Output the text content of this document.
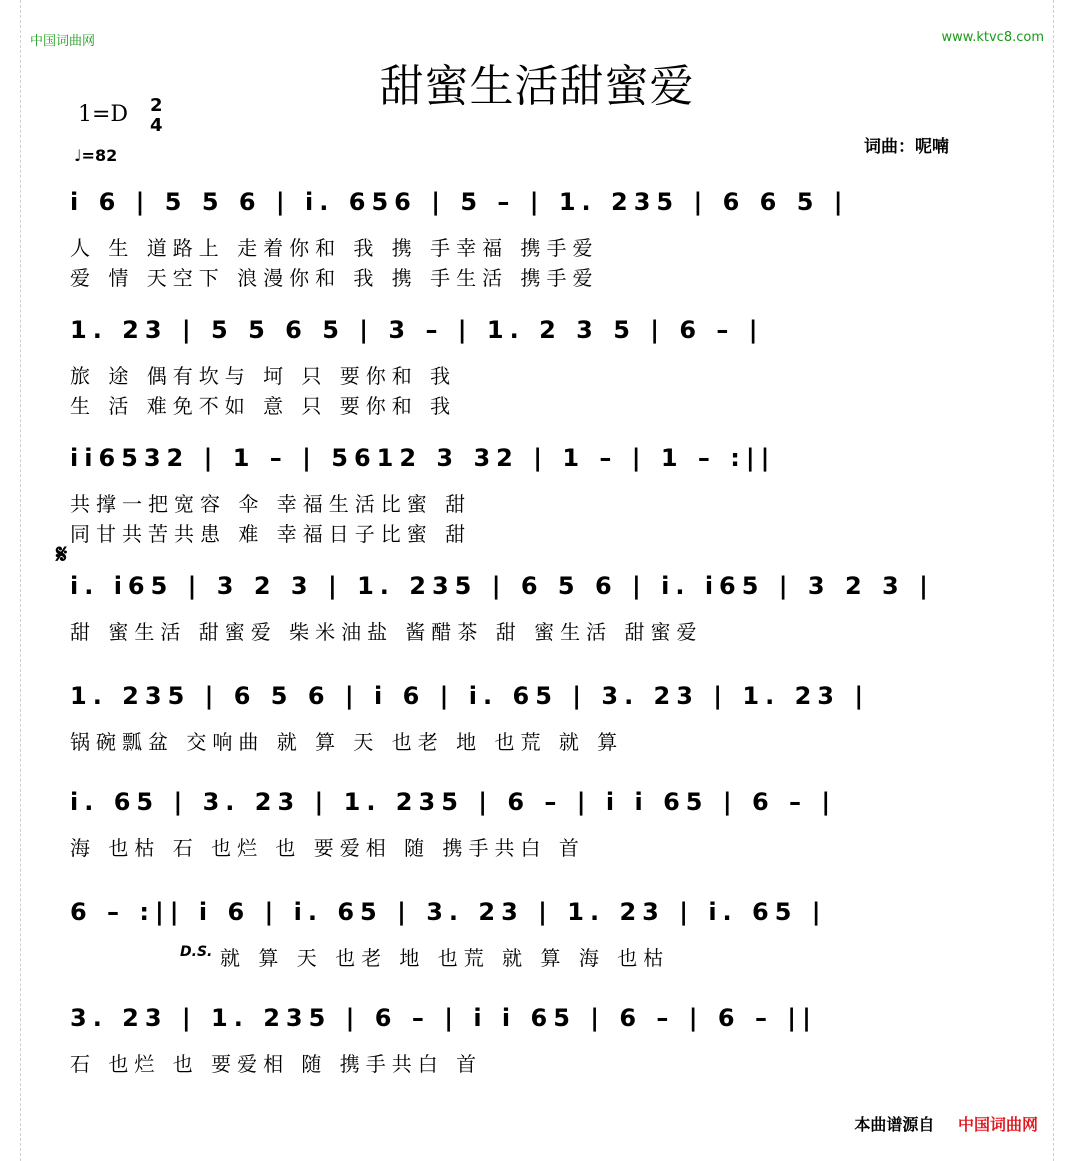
中国词曲网	www.ktvc8.com
甜蜜生活甜蜜爱
1=D 2
4
♩=82	词曲：呢喃
𝄋
i 6 | 5 5 6 | i. 656 | 5 – | 1. 235 | 6 6 5 |
人 生 道路上 走着你和 我 携 手幸福 携手爱
爱 情 天空下 浪漫你和 我 携 手生活 携手爱
1. 23 | 5 5 6 5 | 3 – | 1. 2 3 5 | 6 – |
旅 途 偶有坎与 坷 只 要你和 我
生 活 难免不如 意 只 要你和 我
ii6532 | 1 – | 5612 3 32 | 1 – | 1 – :||
共撑一把宽容 伞 幸福生活比蜜 甜
同甘共苦共患 难 幸福日子比蜜 甜
i. i65 | 3 2 3 | 1. 235 | 6 5 6 | i. i65 | 3 2 3 |
甜 蜜生活 甜蜜爱 柴米油盐 酱醋茶 甜 蜜生活 甜蜜爱
1. 235 | 6 5 6 | i 6 | i. 65 | 3. 23 | 1. 23 |
锅碗瓢盆 交响曲 就 算 天 也老 地 也荒 就 算
i. 65 | 3. 23 | 1. 235 | 6 – | i i 65 | 6 – |
海 也枯 石 也烂 也 要爱相 随 携手共白 首
6 – :|| i 6 | i. 65 | 3. 23 | 1. 23 | i. 65 |
就 算 天 也老 地 也荒 就 算 海 也枯
D.S.
3. 23 | 1. 235 | 6 – | i i 65 | 6 – | 6 – ||
石 也烂 也 要爱相 随 携手共白 首
本曲谱源自 中国词曲网
